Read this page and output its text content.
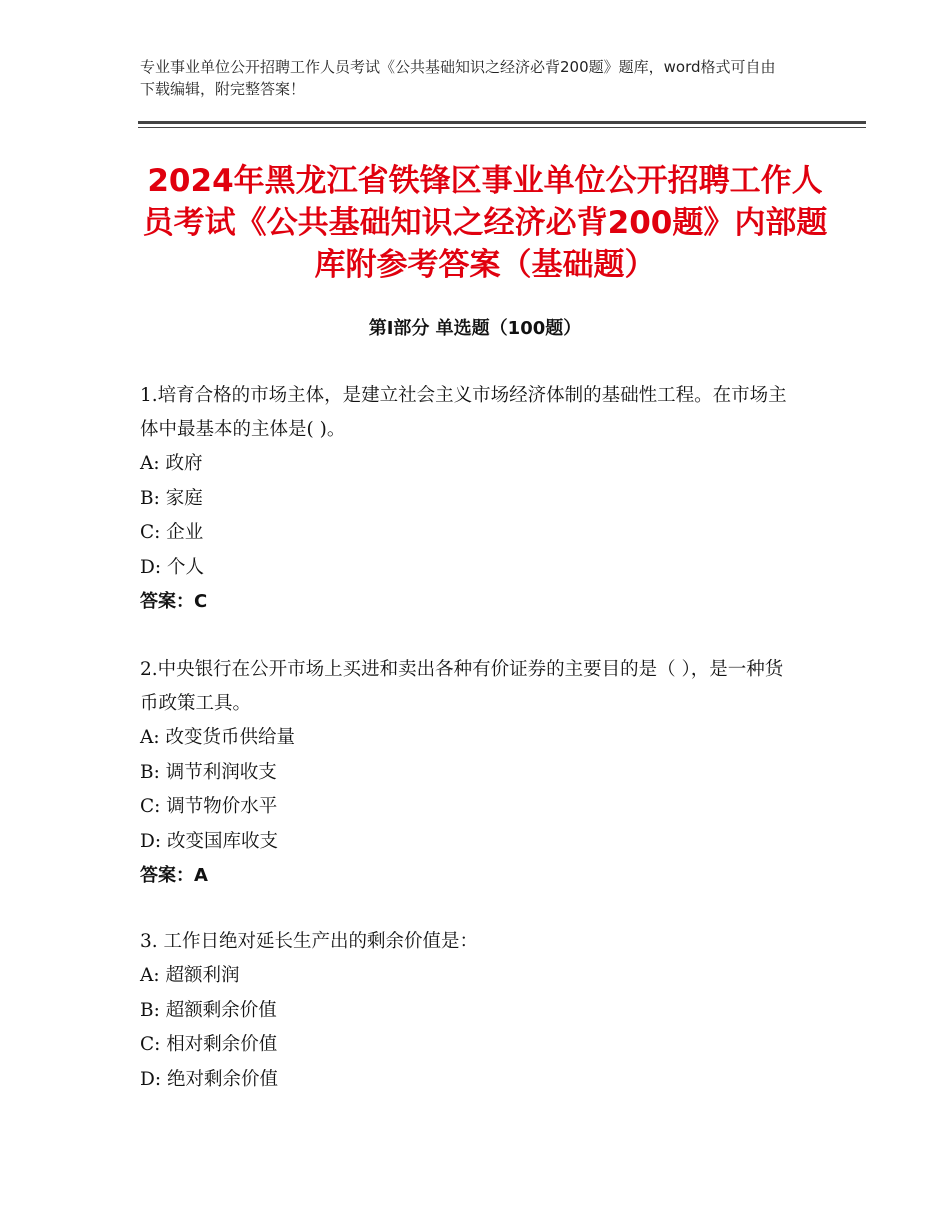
专业事业单位公开招聘工作人员考试《公共基础知识之经济必背200题》题库，word格式可自由下载编辑，附完整答案！
2024年黑龙江省铁锋区事业单位公开招聘工作人员考试《公共基础知识之经济必背200题》内部题库附参考答案（基础题）
第Ⅰ部分 单选题（100题）

1.培育合格的市场主体，是建立社会主义市场经济体制的基础性工程。在市场主体中最基本的主体是( )。

A: 政府

B: 家庭

C: 企业

D: 个人

答案：C

2.中央银行在公开市场上买进和卖出各种有价证券的主要目的是（ ），是一种货币政策工具。

A: 改变货币供给量

B: 调节利润收支

C: 调节物价水平

D: 改变国库收支

答案：A

3. 工作日绝对延长生产出的剩余价值是：

A: 超额利润

B: 超额剩余价值

C: 相对剩余价值

D: 绝对剩余价值
